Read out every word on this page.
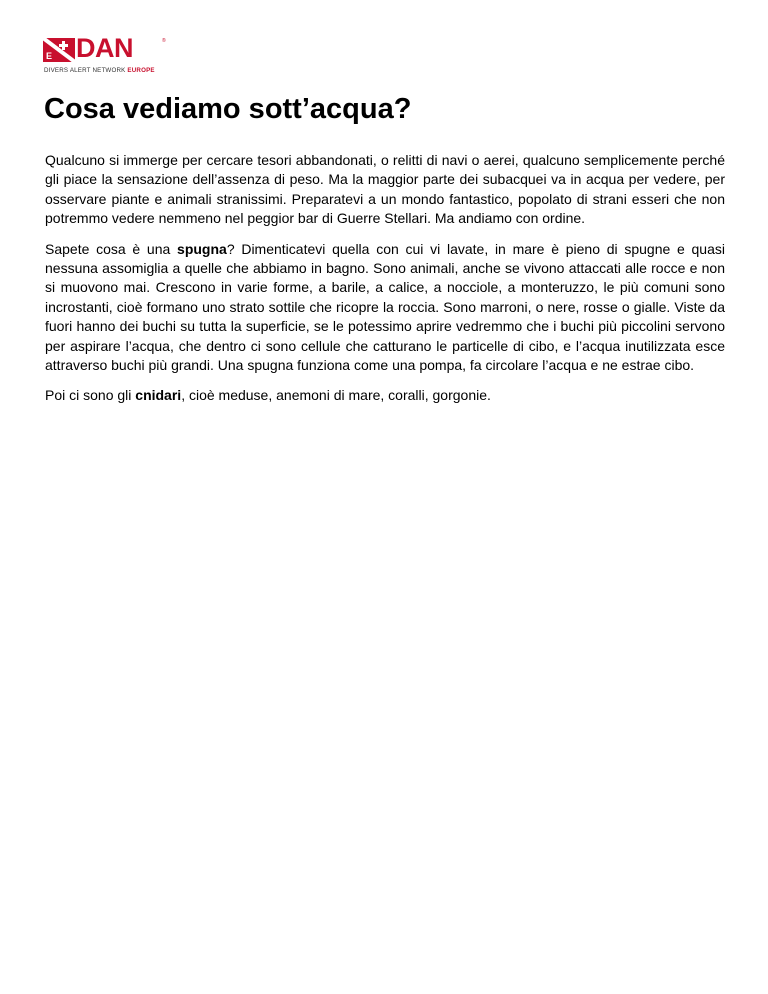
E DAN	®
DIVERS ALERT NETWORK EUROPE
Cosa vediamo sott’acqua?

Qualcuno si immerge per cercare tesori abbandonati, o relitti di navi o aerei, qualcuno semplicemente perché gli piace la sensazione dell’assenza di peso. Ma la maggior parte dei subacquei va in acqua per vedere, per osservare piante e animali stranissimi. Preparatevi a un mondo fantastico, popolato di strani esseri che non potremmo vedere nemmeno nel peggior bar di Guerre Stellari. Ma andiamo con ordine.

Sapete cosa è una spugna? Dimenticatevi quella con cui vi lavate, in mare è pieno di spugne e quasi nessuna assomiglia a quelle che abbiamo in bagno. Sono animali, anche se vivono attaccati alle rocce e non si muovono mai. Crescono in varie forme, a barile, a calice, a nocciole, a monteruzzo, le più comuni sono incrostanti, cioè formano uno strato sottile che ricopre la roccia. Sono marroni, o nere, rosse o gialle. Viste da fuori hanno dei buchi su tutta la superficie, se le potessimo aprire vedremmo che i buchi più piccolini servono per aspirare l’acqua, che dentro ci sono cellule che catturano le particelle di cibo, e l’acqua inutilizzata esce attraverso buchi più grandi. Una spugna funziona come una pompa, fa circolare l’acqua e ne estrae cibo.

Poi ci sono gli cnidari, cioè meduse, anemoni di mare, coralli, gorgonie.
